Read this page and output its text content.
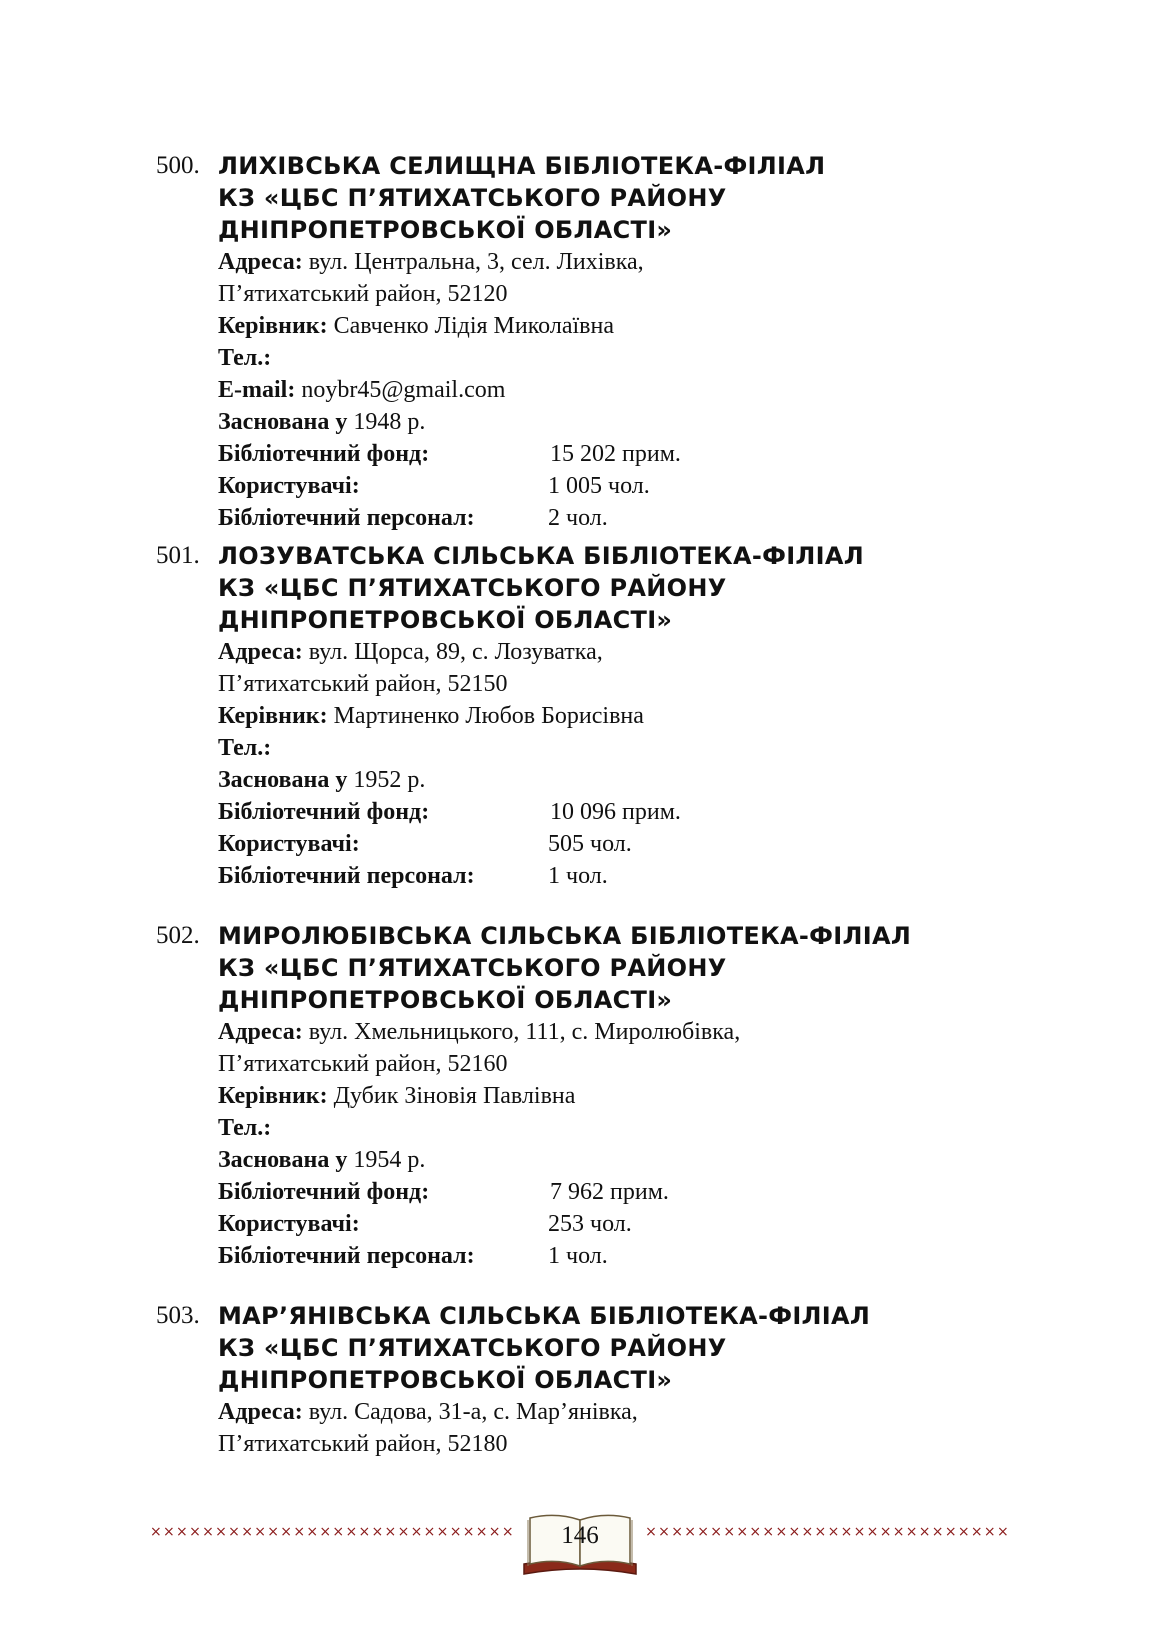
500. ЛИХІВСЬКА СЕЛИЩНА БІБЛІОТЕКА-ФІЛІАЛ
КЗ «ЦБС П’ЯТИХАТСЬКОГО РАЙОНУ
ДНІПРОПЕТРОВСЬКОЇ ОБЛАСТІ»
Адреса: вул. Центральна, 3, сел. Лихівка,
П’ятихатський район, 52120
Керівник: Савченко Лідія Миколаївна
Тел.:
E-mail: noybr45@gmail.com
Заснована у 1948 р.
Бібліотечний фонд:	15 202 прим.
Користувачі:	1 005 чол.
Бібліотечний персонал:	2 чол.
501. ЛОЗУВАТСЬКА СІЛЬСЬКА БІБЛІОТЕКА-ФІЛІАЛ
КЗ «ЦБС П’ЯТИХАТСЬКОГО РАЙОНУ
ДНІПРОПЕТРОВСЬКОЇ ОБЛАСТІ»
Адреса: вул. Щорса, 89, с. Лозуватка,
П’ятихатський район, 52150
Керівник: Мартиненко Любов Борисівна
Тел.:
Заснована у 1952 р.
Бібліотечний фонд:	10 096 прим.
Користувачі:	505 чол.
Бібліотечний персонал:	1 чол.
502. МИРОЛЮБІВСЬКА СІЛЬСЬКА БІБЛІОТЕКА-ФІЛІАЛ
КЗ «ЦБС П’ЯТИХАТСЬКОГО РАЙОНУ
ДНІПРОПЕТРОВСЬКОЇ ОБЛАСТІ»
Адреса: вул. Хмельницького, 111, с. Миролюбівка,
П’ятихатський район, 52160
Керівник: Дубик Зіновія Павлівна
Тел.:
Заснована у 1954 р.
Бібліотечний фонд:	7 962 прим.
Користувачі:	253 чол.
Бібліотечний персонал:	1 чол.
503. МАР’ЯНІВСЬКА СІЛЬСЬКА БІБЛІОТЕКА-ФІЛІАЛ
КЗ «ЦБС П’ЯТИХАТСЬКОГО РАЙОНУ
ДНІПРОПЕТРОВСЬКОЇ ОБЛАСТІ»
Адреса: вул. Садова, 31-а, с. Мар’янівка,
П’ятихатський район, 52180
××××××××××××××××××××××××××××	146	××××××××××××××××××××××××××××
